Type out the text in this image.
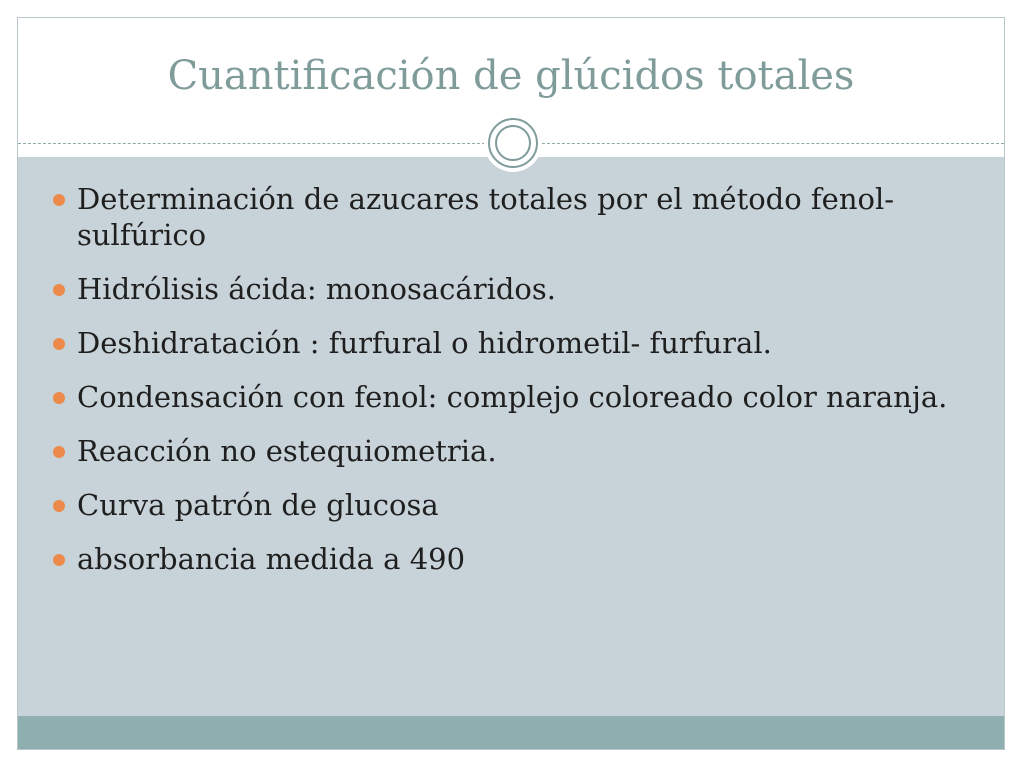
Cuantificación de glúcidos totales
Determinación de azucares totales por el método fenol-sulfúrico
Hidrólisis ácida: monosacáridos.
Deshidratación : furfural o hidrometil- furfural.
Condensación con fenol: complejo coloreado color naranja.
Reacción no estequiometria.
Curva patrón de glucosa
absorbancia medida a 490
